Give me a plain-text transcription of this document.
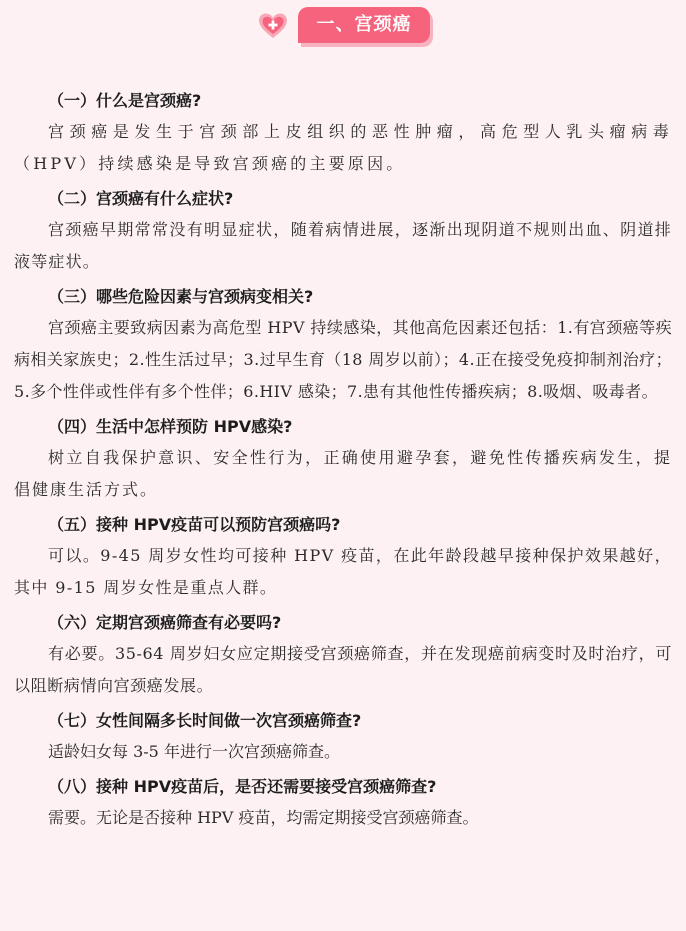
一、宫颈癌

（一）什么是宫颈癌?

宫颈癌是发生于宫颈部上皮组织的恶性肿瘤，高危型人乳头瘤病毒（HPV）持续感染是导致宫颈癌的主要原因。

（二）宫颈癌有什么症状?

宫颈癌早期常常没有明显症状，随着病情进展，逐渐出现阴道不规则出血、阴道排液等症状。

（三）哪些危险因素与宫颈病变相关?

宫颈癌主要致病因素为高危型 HPV 持续感染，其他高危因素还包括：1.有宫颈癌等疾病相关家族史；2.性生活过早；3.过早生育（18 周岁以前）；4.正在接受免疫抑制剂治疗；5.多个性伴或性伴有多个性伴；6.HIV 感染；7.患有其他性传播疾病；8.吸烟、吸毒者。

（四）生活中怎样预防 HPV感染?

树立自我保护意识、安全性行为，正确使用避孕套，避免性传播疾病发生，提倡健康生活方式。

（五）接种 HPV疫苗可以预防宫颈癌吗?

可以。9-45 周岁女性均可接种 HPV 疫苗，在此年龄段越早接种保护效果越好，其中 9-15 周岁女性是重点人群。

（六）定期宫颈癌筛查有必要吗?

有必要。35-64 周岁妇女应定期接受宫颈癌筛查，并在发现癌前病变时及时治疗，可以阻断病情向宫颈癌发展。

（七）女性间隔多长时间做一次宫颈癌筛查?

适龄妇女每 3-5 年进行一次宫颈癌筛查。

（八）接种 HPV疫苗后，是否还需要接受宫颈癌筛查?

需要。无论是否接种 HPV 疫苗，均需定期接受宫颈癌筛查。
